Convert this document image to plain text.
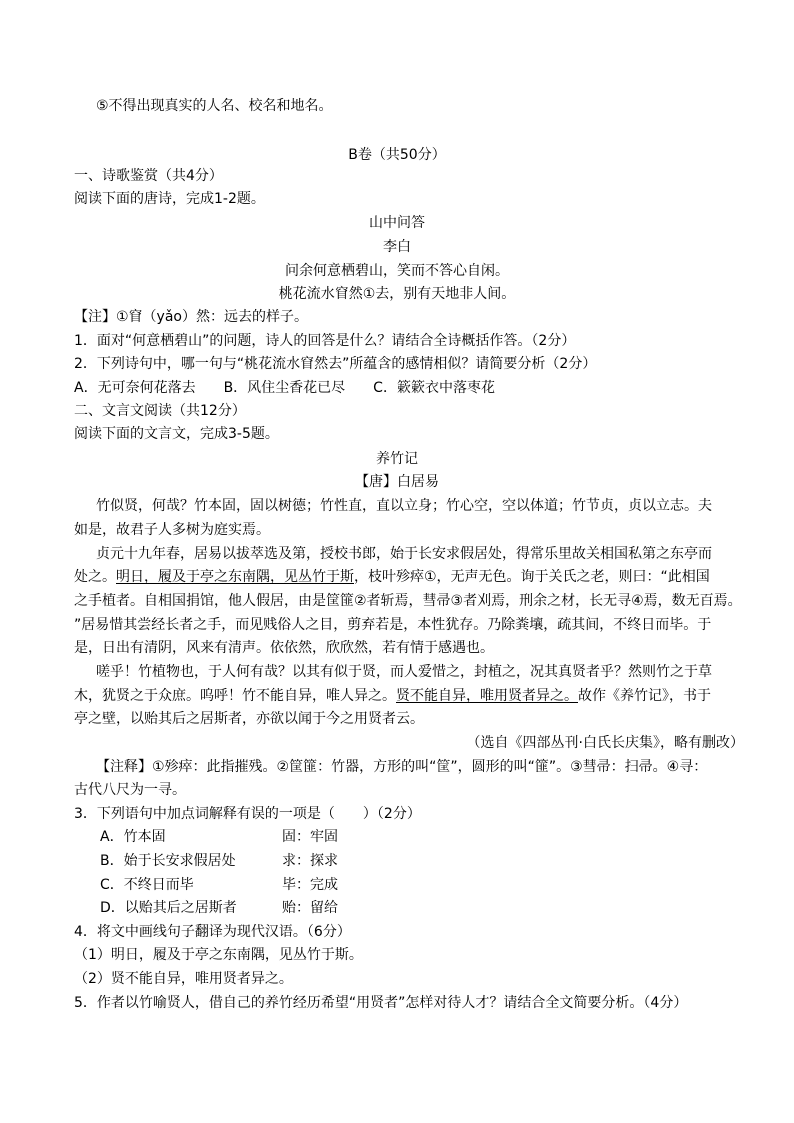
⑤不得出现真实的人名、校名和地名。
B卷（共50分）
一、诗歌鉴赏（共4分）
阅读下面的唐诗，完成1-2题。
山中问答
李白
问余何意栖碧山，笑而不答心自闲。
桃花流水窅然①去，别有天地非人间。
【注】①窅（yǎo）然：远去的样子。
1．面对“何意栖碧山”的问题，诗人的回答是什么？请结合全诗概括作答。（2分）
2．下列诗句中，哪一句与“桃花流水窅然去”所蕴含的感情相似？请简要分析（2分）
A．无可奈何花落去　　B．风住尘香花已尽　　C．簌簌衣中落枣花
二、文言文阅读（共12分）
阅读下面的文言文，完成3-5题。
养竹记
【唐】白居易
竹似贤，何哉？竹本固，固以树德；竹性直，直以立身；竹心空，空以体道；竹节贞，贞以立志。夫
如是，故君子人多树为庭实焉。
贞元十九年春，居易以拔萃选及第，授校书郎，始于长安求假居处，得常乐里故关相国私第之东亭而
处之。明日，履及于亭之东南隅，见丛竹于斯，枝叶殄瘁①，无声无色。询于关氏之老，则曰：“此相国
之手植者。自相国捐馆，他人假居，由是筐篚②者斩焉，彗帚③者刈焉，刑余之材，长无寻④焉，数无百焉。
”居易惜其尝经长者之手，而见贱俗人之目，剪弃若是，本性犹存。乃除粪壤，疏其间，不终日而毕。于
是，日出有清阴，风来有清声。依依然，欣欣然，若有情于感遇也。
嗟乎！竹植物也，于人何有哉？以其有似于贤，而人爱惜之，封植之，况其真贤者乎？然则竹之于草
木，犹贤之于众庶。呜呼！竹不能自异，唯人异之。贤不能自异，唯用贤者异之。故作《养竹记》，书于
亭之壁，以贻其后之居斯者，亦欲以闻于今之用贤者云。
（选自《四部丛刊·白氏长庆集》，略有删改）
【注释】①殄瘁：此指摧残。②筐篚：竹器，方形的叫“筐”，圆形的叫“篚”。③彗帚：扫帚。④寻：
古代八尺为一寻。
3．下列语句中加点词解释有误的一项是（　　）（2分）
A．竹本固	固：牢固
B．始于长安求假居处	求：探求
C．不终日而毕	毕：完成
D．以贻其后之居斯者	贻：留给
4．将文中画线句子翻译为现代汉语。（6分）
（1）明日，履及于亭之东南隅，见丛竹于斯。
（2）贤不能自异，唯用贤者异之。
5．作者以竹喻贤人，借自己的养竹经历希望“用贤者”怎样对待人才？请结合全文简要分析。（4分）
